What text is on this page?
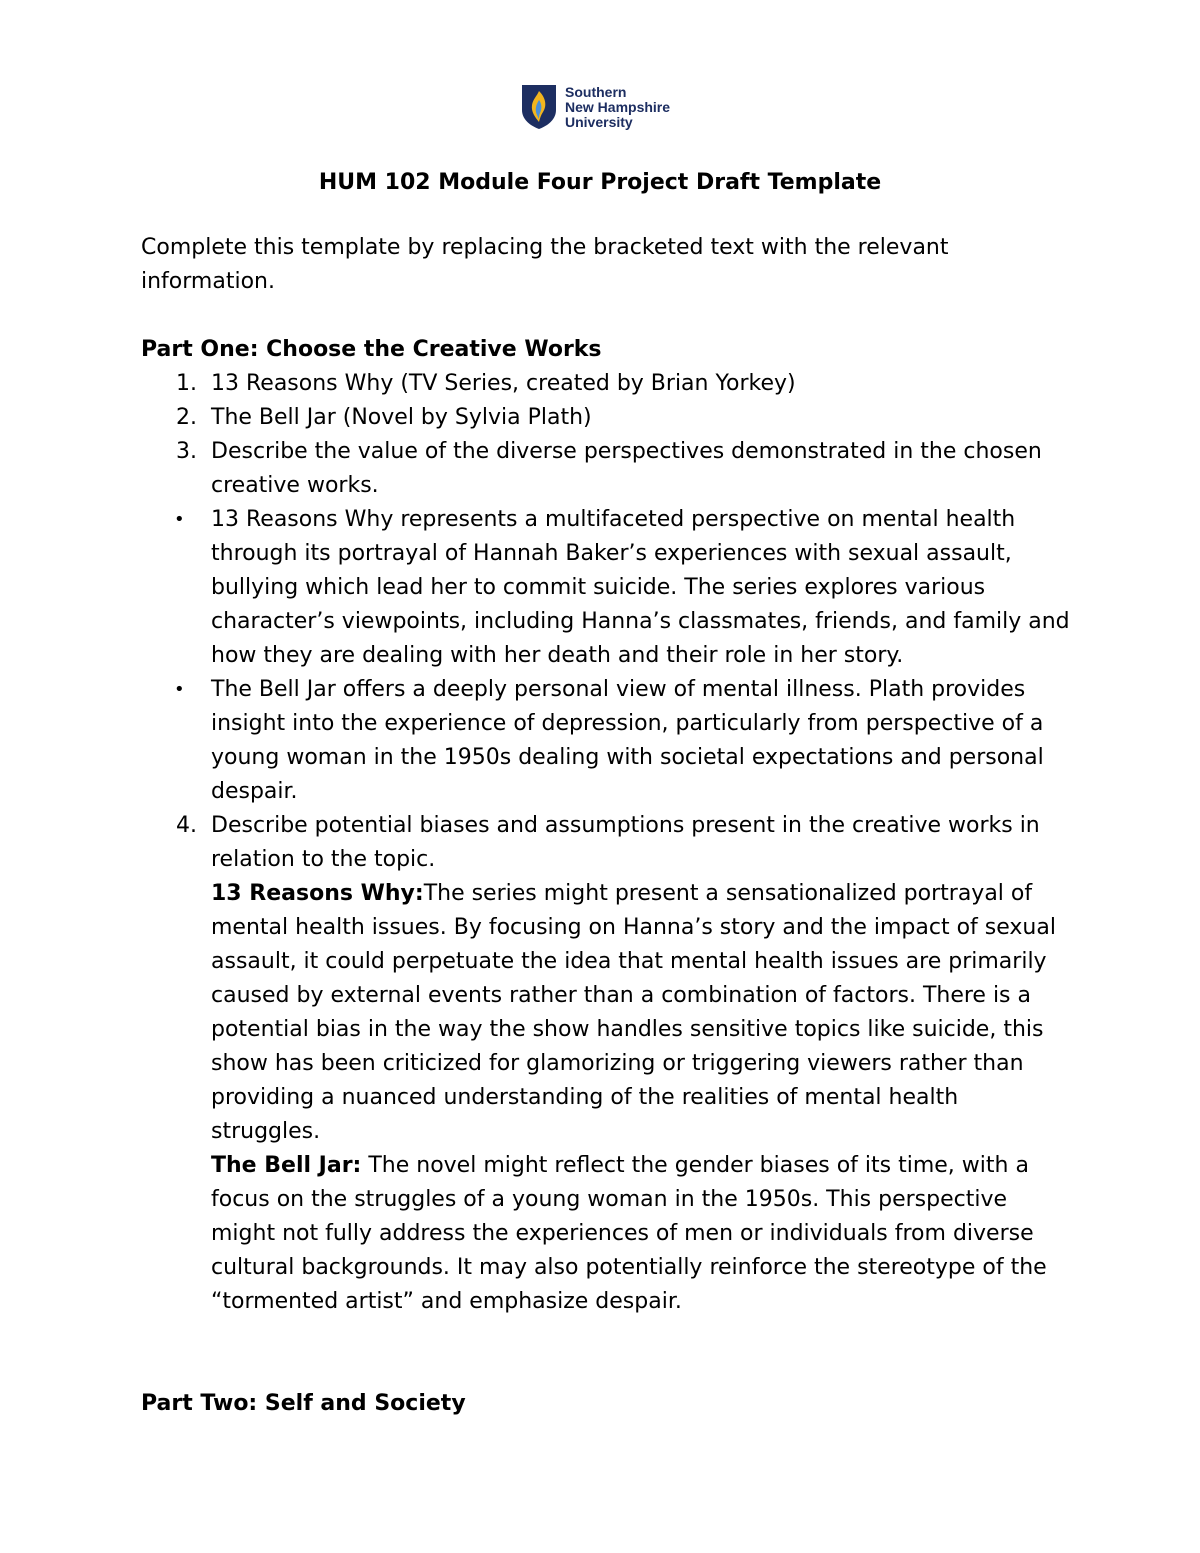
Southern
New Hampshire
University
HUM 102 Module Four Project Draft Template

Complete this template by replacing the bracketed text with the relevant information.

Part One: Choose the Creative Works

1. 13 Reasons Why (TV Series, created by Brian Yorkey)
2. The Bell Jar (Novel by Sylvia Plath)
3. Describe the value of the diverse perspectives demonstrated in the chosen creative works.
• 13 Reasons Why represents a multifaceted perspective on mental health through its portrayal of Hannah Baker’s experiences with sexual assault, bullying which lead her to commit suicide. The series explores various character’s viewpoints, including Hanna’s classmates, friends, and family and how they are dealing with her death and their role in her story.
• The Bell Jar offers a deeply personal view of mental illness. Plath provides insight into the experience of depression, particularly from perspective of a young woman in the 1950s dealing with societal expectations and personal despair.
4. Describe potential biases and assumptions present in the creative works in relation to the topic.

13 Reasons Why:The series might present a sensationalized portrayal of mental health issues. By focusing on Hanna’s story and the impact of sexual assault, it could perpetuate the idea that mental health issues are primarily caused by external events rather than a combination of factors. There is a potential bias in the way the show handles sensitive topics like suicide, this show has been criticized for glamorizing or triggering viewers rather than providing a nuanced understanding of the realities of mental health struggles.

The Bell Jar: The novel might reflect the gender biases of its time, with a focus on the struggles of a young woman in the 1950s. This perspective might not fully address the experiences of men or individuals from diverse cultural backgrounds. It may also potentially reinforce the stereotype of the “tormented artist” and emphasize despair.

Part Two: Self and Society
